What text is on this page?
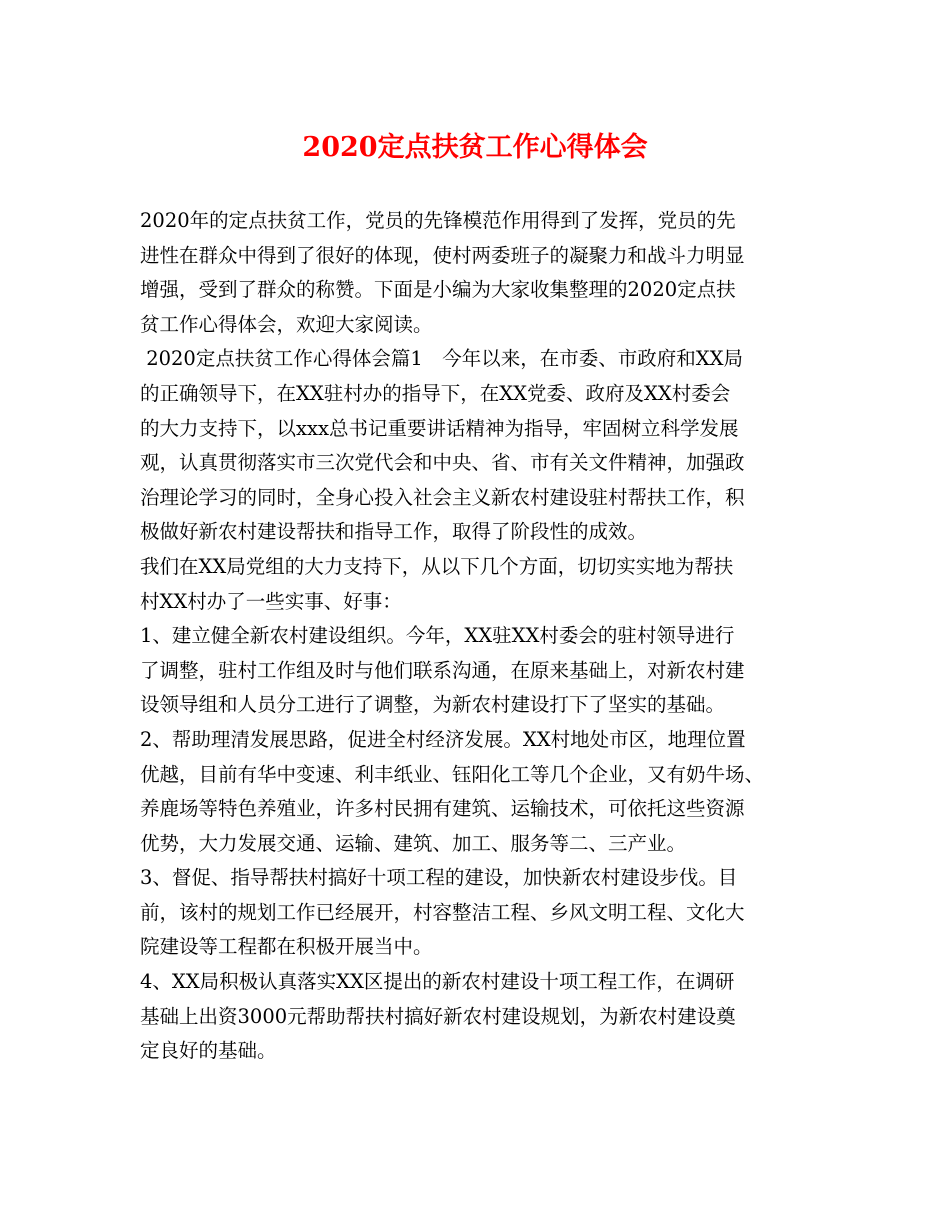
2020定点扶贫工作心得体会
2020年的定点扶贫工作，党员的先锋模范作用得到了发挥，党员的先
进性在群众中得到了很好的体现，使村两委班子的凝聚力和战斗力明显
增强，受到了群众的称赞。下面是小编为大家收集整理的2020定点扶
贫工作心得体会，欢迎大家阅读。
2020定点扶贫工作心得体会篇1　今年以来，在市委、市政府和XX局
的正确领导下，在XX驻村办的指导下，在XX党委、政府及XX村委会
的大力支持下，以xxx总书记重要讲话精神为指导，牢固树立科学发展
观，认真贯彻落实市三次党代会和中央、省、市有关文件精神，加强政
治理论学习的同时，全身心投入社会主义新农村建设驻村帮扶工作，积
极做好新农村建设帮扶和指导工作，取得了阶段性的成效。
我们在XX局党组的大力支持下，从以下几个方面，切切实实地为帮扶
村XX村办了一些实事、好事：
1、建立健全新农村建设组织。今年，XX驻XX村委会的驻村领导进行
了调整，驻村工作组及时与他们联系沟通，在原来基础上，对新农村建
设领导组和人员分工进行了调整，为新农村建设打下了坚实的基础。
2、帮助理清发展思路，促进全村经济发展。XX村地处市区，地理位置
优越，目前有华中变速、利丰纸业、钰阳化工等几个企业，又有奶牛场、
养鹿场等特色养殖业，许多村民拥有建筑、运输技术，可依托这些资源
优势，大力发展交通、运输、建筑、加工、服务等二、三产业。
3、督促、指导帮扶村搞好十项工程的建设，加快新农村建设步伐。目
前，该村的规划工作已经展开，村容整洁工程、乡风文明工程、文化大
院建设等工程都在积极开展当中。
4、XX局积极认真落实XX区提出的新农村建设十项工程工作，在调研
基础上出资3000元帮助帮扶村搞好新农村建设规划，为新农村建设奠
定良好的基础。
